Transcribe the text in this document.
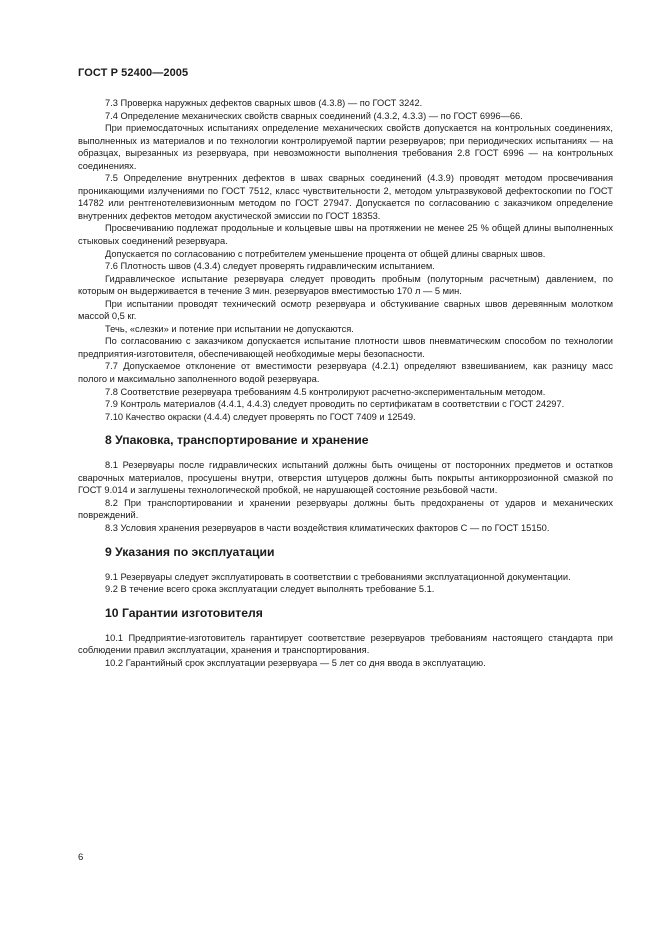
ГОСТ Р 52400—2005

7.3 Проверка наружных дефектов сварных швов (4.3.8) — по ГОСТ 3242.

7.4 Определение механических свойств сварных соединений (4.3.2, 4.3.3) — по ГОСТ 6996—66.

При приемосдаточных испытаниях определение механических свойств допускается на контрольных соединениях, выполненных из материалов и по технологии контролируемой партии резервуаров; при периодических испытаниях — на образцах, вырезанных из резервуара, при невозможности выполнения требования 2.8 ГОСТ 6996 — на контрольных соединениях.

7.5 Определение внутренних дефектов в швах сварных соединений (4.3.9) проводят методом просвечивания проникающими излучениями по ГОСТ 7512, класс чувствительности 2, методом ультразвуковой дефектоскопии по ГОСТ 14782 или рентгенотелевизионным методом по ГОСТ 27947. Допускается по согласованию с заказчиком определение внутренних дефектов методом акустической эмиссии по ГОСТ 18353.

Просвечиванию подлежат продольные и кольцевые швы на протяжении не менее 25 % общей длины выполненных стыковых соединений резервуара.

Допускается по согласованию с потребителем уменьшение процента от общей длины сварных швов.

7.6 Плотность швов (4.3.4) следует проверять гидравлическим испытанием.

Гидравлическое испытание резервуара следует проводить пробным (полуторным расчетным) давлением, по которым он выдерживается в течение 3 мин. резервуаров вместимостью 170 л — 5 мин.

При испытании проводят технический осмотр резервуара и обстукивание сварных швов деревянным молотком массой 0,5 кг.

Течь, «слезки» и потение при испытании не допускаются.

По согласованию с заказчиком допускается испытание плотности швов пневматическим способом по технологии предприятия-изготовителя, обеспечивающей необходимые меры безопасности.

7.7 Допускаемое отклонение от вместимости резервуара (4.2.1) определяют взвешиванием, как разницу масс полого и максимально заполненного водой резервуара.

7.8 Соответствие резервуара требованиям 4.5 контролируют расчетно-экспериментальным методом.

7.9 Контроль материалов (4.4.1, 4.4.3) следует проводить по сертификатам в соответствии с ГОСТ 24297.

7.10 Качество окраски (4.4.4) следует проверять по ГОСТ 7409 и 12549.

8 Упаковка, транспортирование и хранение

8.1 Резервуары после гидравлических испытаний должны быть очищены от посторонних предметов и остатков сварочных материалов, просушены внутри, отверстия штуцеров должны быть покрыты антикоррозионной смазкой по ГОСТ 9.014 и заглушены технологической пробкой, не нарушающей состояние резьбовой части.

8.2 При транспортировании и хранении резервуары должны быть предохранены от ударов и механических повреждений.

8.3 Условия хранения резервуаров в части воздействия климатических факторов С — по ГОСТ 15150.

9 Указания по эксплуатации

9.1 Резервуары следует эксплуатировать в соответствии с требованиями эксплуатационной документации.

9.2 В течение всего срока эксплуатации следует выполнять требование 5.1.

10 Гарантии изготовителя

10.1 Предприятие-изготовитель гарантирует соответствие резервуаров требованиям настоящего стандарта при соблюдении правил эксплуатации, хранения и транспортирования.

10.2 Гарантийный срок эксплуатации резервуара — 5 лет со дня ввода в эксплуатацию.

6
